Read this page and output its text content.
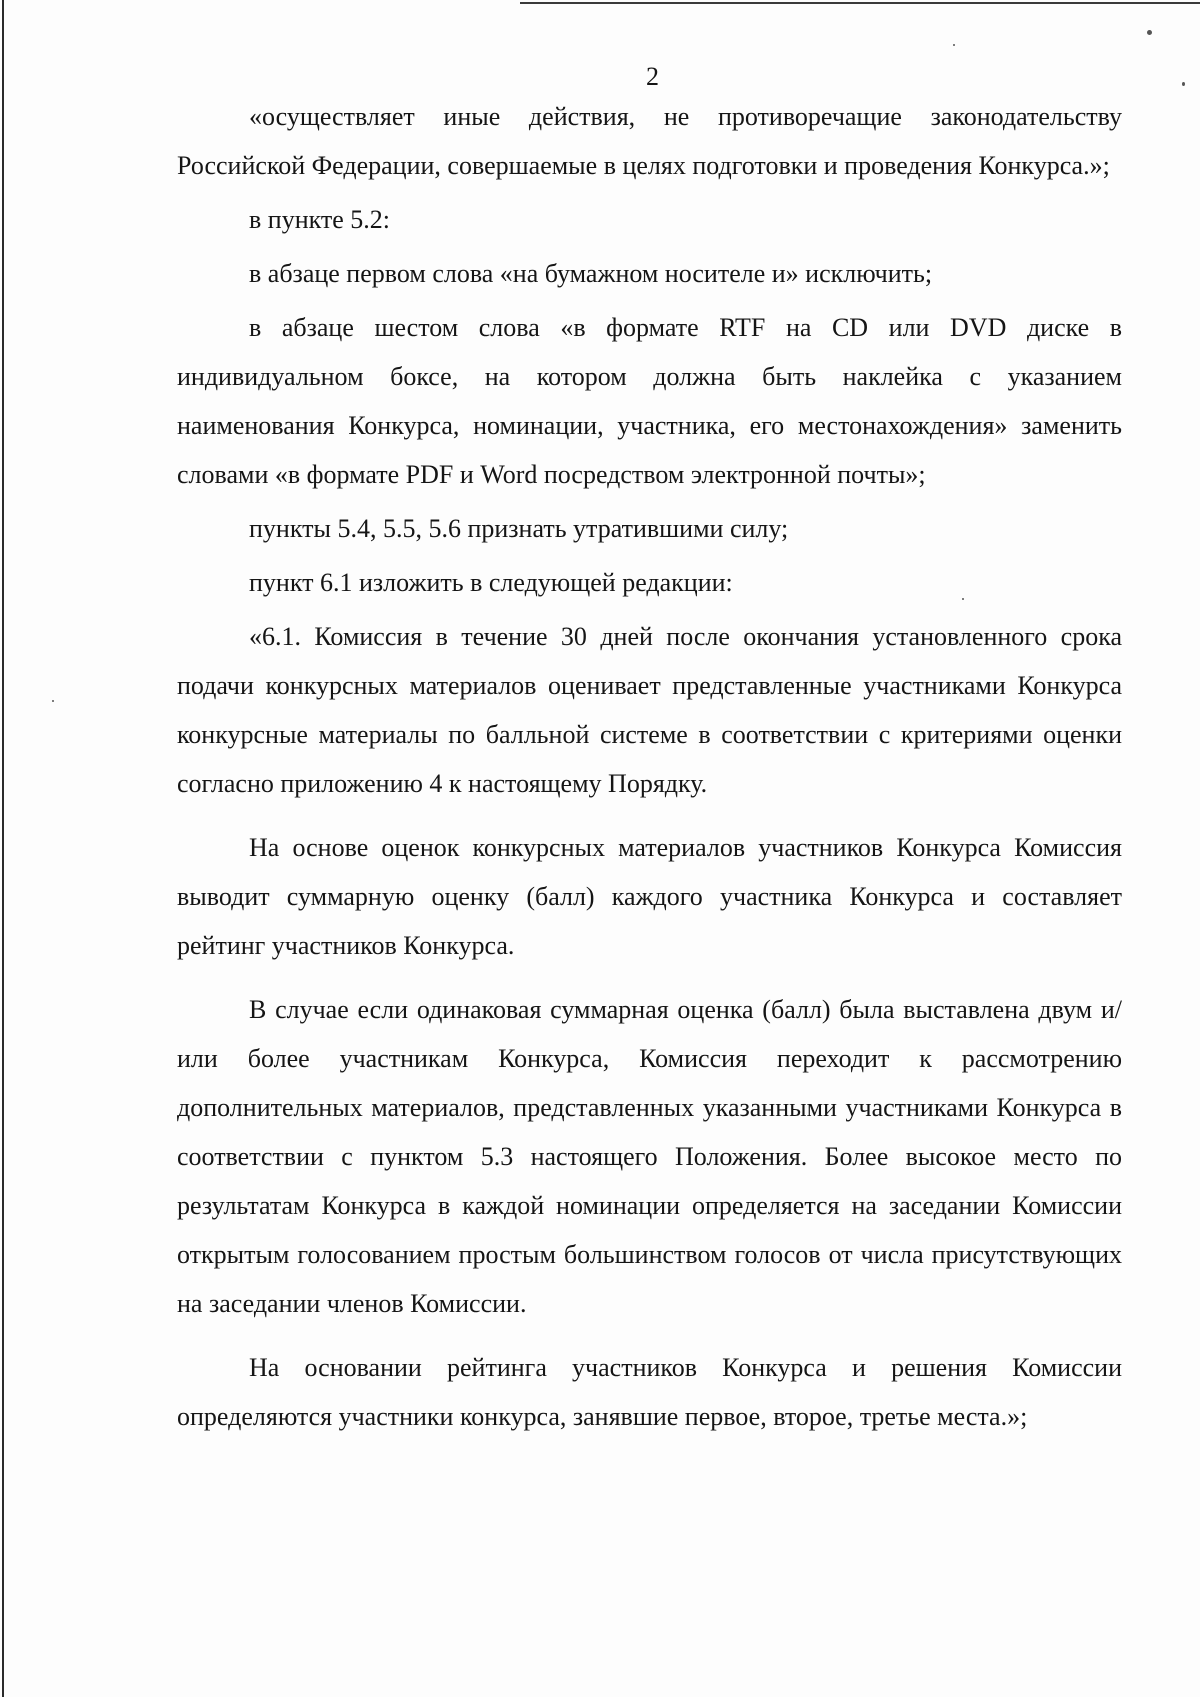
2

«осуществляет иные действия, не противоречащие законодательству Российской Федерации, совершаемые в целях подготовки и проведения Конкурса.»;

в пункте 5.2:

в абзаце первом слова «на бумажном носителе и» исключить;

в абзаце шестом слова «в формате RTF на CD или DVD диске в индивидуальном боксе, на котором должна быть наклейка с указанием наименования Конкурса, номинации, участника, его местонахождения» заменить словами «в формате PDF и Word посредством электронной почты»;

пункты 5.4, 5.5, 5.6 признать утратившими силу;

пункт 6.1 изложить в следующей редакции:

«6.1. Комиссия в течение 30 дней после окончания установленного срока подачи конкурсных материалов оценивает представленные участниками Конкурса конкурсные материалы по балльной системе в соответствии с критериями оценки согласно приложению 4 к настоящему Порядку.

На основе оценок конкурсных материалов участников Конкурса Комиссия выводит суммарную оценку (балл) каждого участника Конкурса и составляет рейтинг участников Конкурса.

В случае если одинаковая суммарная оценка (балл) была выставлена двум и/или более участникам Конкурса, Комиссия переходит к рассмотрению дополнительных материалов, представленных указанными участниками Конкурса в соответствии с пунктом 5.3 настоящего Положения. Более высокое место по результатам Конкурса в каждой номинации определяется на заседании Комиссии открытым голосованием простым большинством голосов от числа присутствующих на заседании членов Комиссии.

На основании рейтинга участников Конкурса и решения Комиссии определяются участники конкурса, занявшие первое, второе, третье места.»;
